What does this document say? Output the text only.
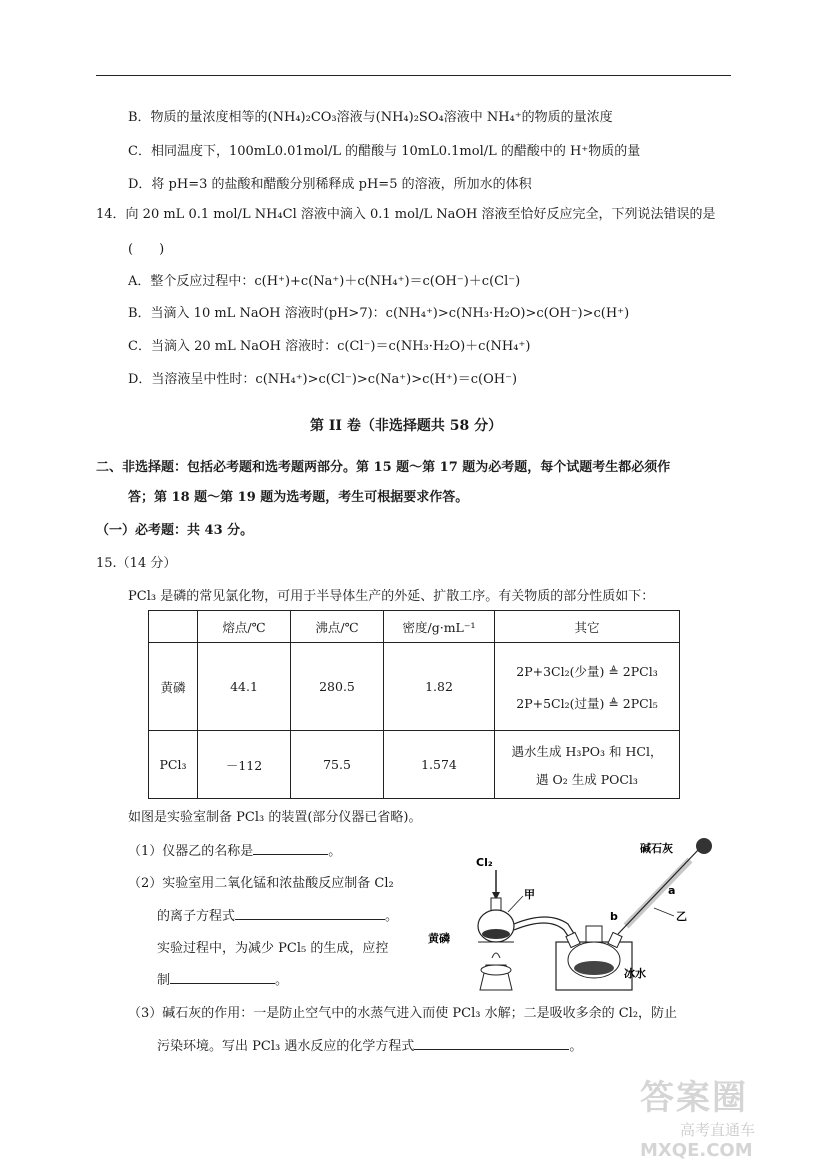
B．物质的量浓度相等的(NH₄)₂CO₃溶液与(NH₄)₂SO₄溶液中 NH₄⁺的物质的量浓度
C．相同温度下，100mL0.01mol/L 的醋酸与 10mL0.1mol/L 的醋酸中的 H⁺物质的量
D．将 pH=3 的盐酸和醋酸分别稀释成 pH=5 的溶液，所加水的体积
14．向 20 mL 0.1 mol/L NH₄Cl 溶液中滴入 0.1 mol/L NaOH 溶液至恰好反应完全，下列说法错误的是
(　　)
A．整个反应过程中：c(H⁺)+c(Na⁺)＋c(NH₄⁺)＝c(OH⁻)＋c(Cl⁻)
B．当滴入 10 mL NaOH 溶液时(pH>7)：c(NH₄⁺)>c(NH₃·H₂O)>c(OH⁻)>c(H⁺)
C．当滴入 20 mL NaOH 溶液时：c(Cl⁻)＝c(NH₃·H₂O)＋c(NH₄⁺)
D．当溶液呈中性时：c(NH₄⁺)>c(Cl⁻)>c(Na⁺)>c(H⁺)＝c(OH⁻)
第 II 卷（非选择题共 58 分）
二、非选择题：包括必考题和选考题两部分。第 15 题～第 17 题为必考题，每个试题考生都必须作
答；第 18 题～第 19 题为选考题，考生可根据要求作答。
（一）必考题：共 43 分。
15.（14 分）
PCl₃ 是磷的常见氯化物，可用于半导体生产的外延、扩散工序。有关物质的部分性质如下：
	熔点/℃	沸点/℃	密度/g·mL⁻¹	其它
黄磷	44.1	280.5	1.82	2P+3Cl₂(少量) ≜ 2PCl₃
2P+5Cl₂(过量) ≜ 2PCl₅

PCl₃	－112	75.5	1.574	遇水生成 H₃PO₃ 和 HCl，
遇 O₂ 生成 POCl₃
如图是实验室制备 PCl₃ 的装置(部分仪器已省略)。
（1）仪器乙的名称是	。
（2）实验室用二氧化锰和浓盐酸反应制备 Cl₂
的离子方程式	。
实验过程中，为减少 PCl₅ 的生成，应控
制	。
Cl₂
甲
黄磷
冰水
b
a
乙
碱石灰
（3）碱石灰的作用：一是防止空气中的水蒸气进入而使 PCl₃ 水解；二是吸收多余的 Cl₂，防止
污染环境。写出 PCl₃ 遇水反应的化学方程式	。
答案圈
高考直通车
MXQE.COM
